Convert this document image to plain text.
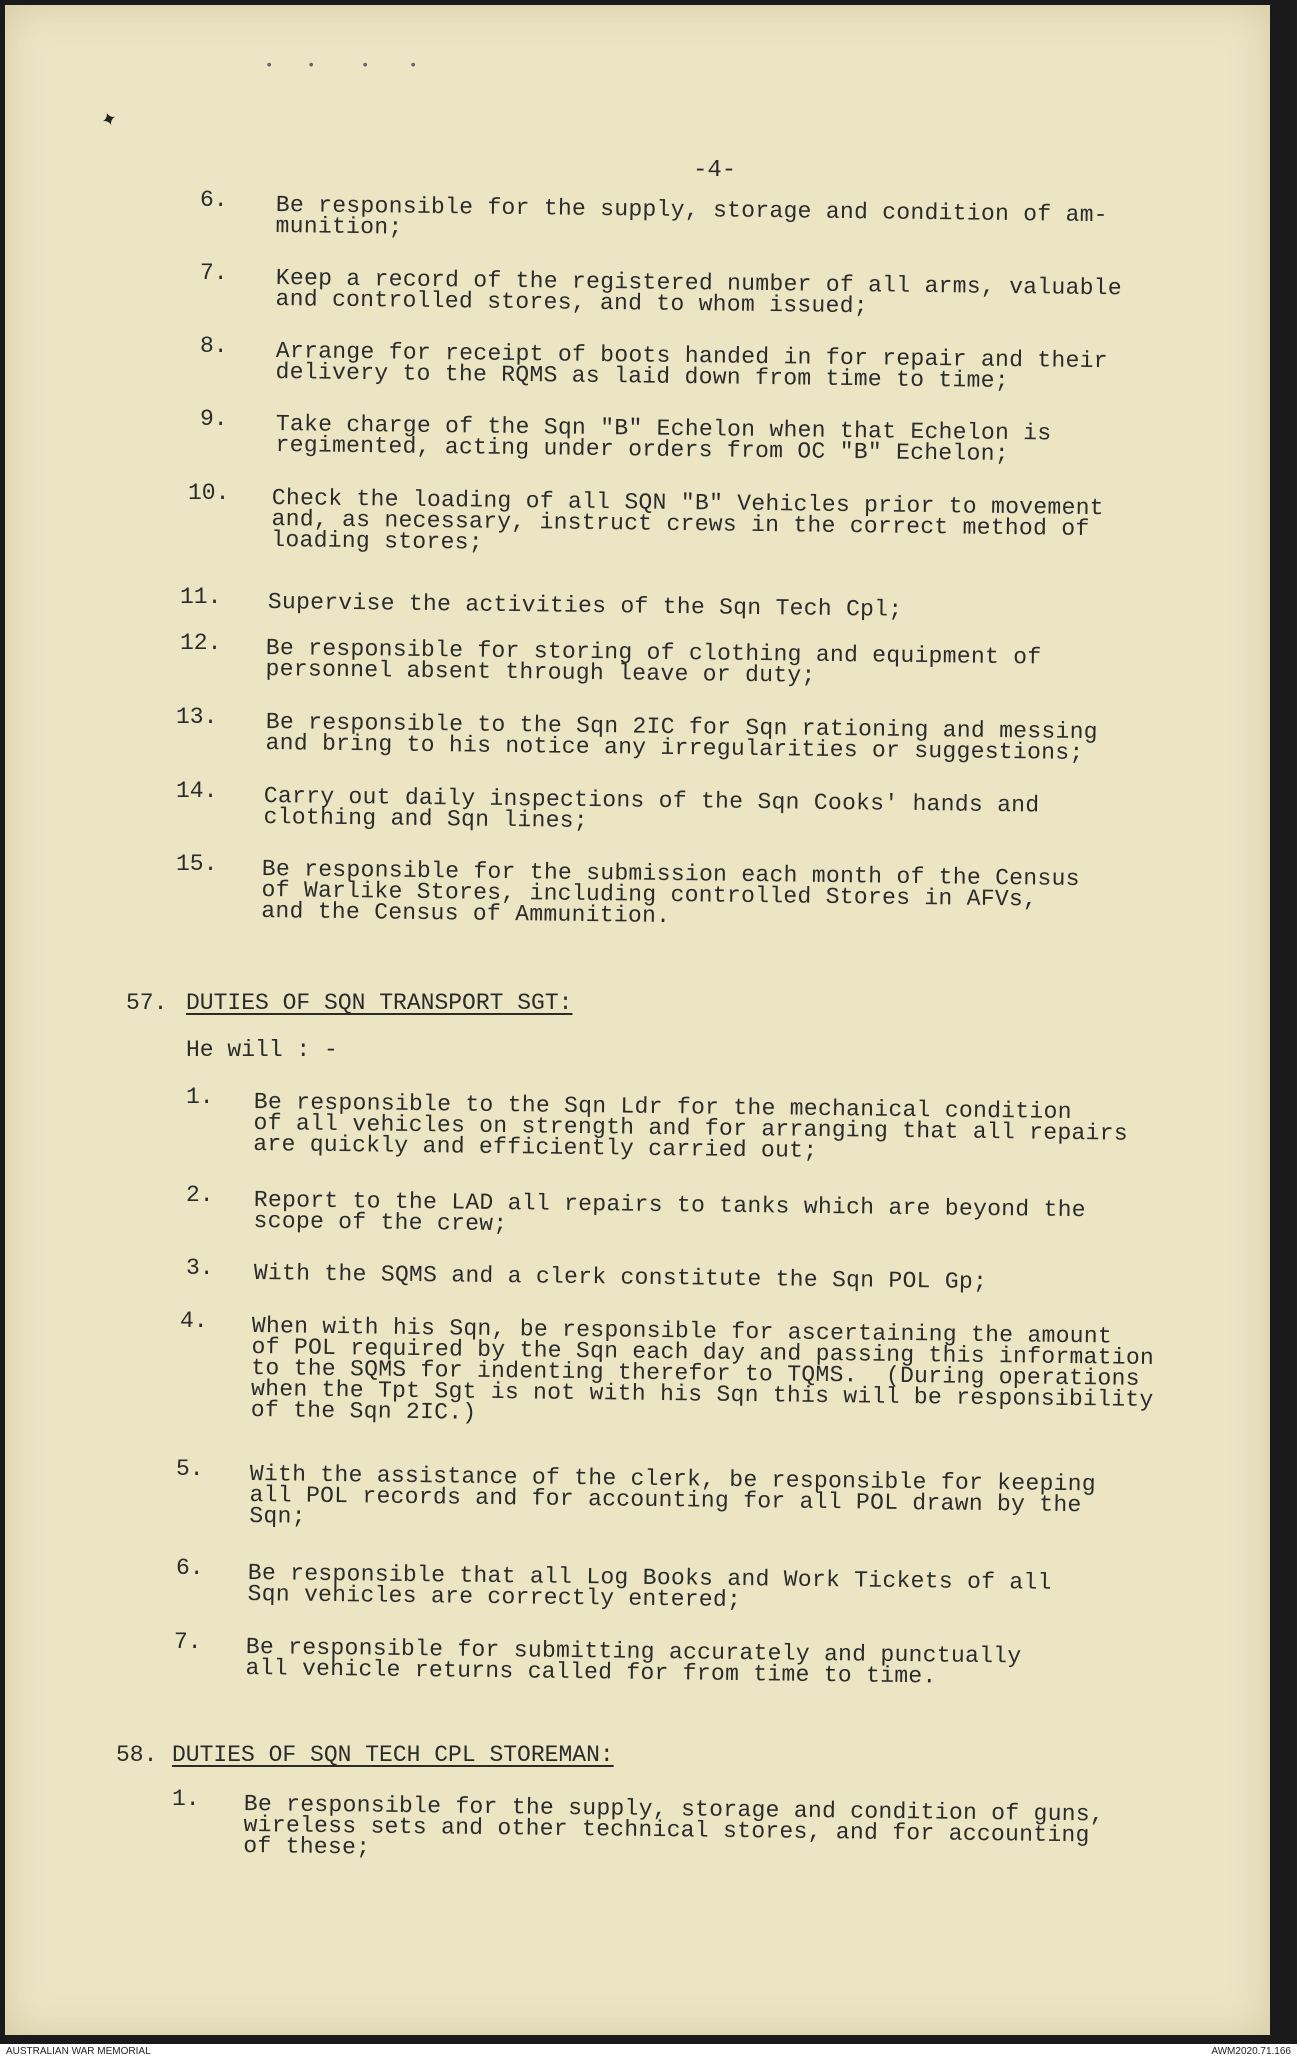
• •	•	•
✦
-4-
6. Be responsible for the supply, storage and condition of am-
munition;
7. Keep a record of the registered number of all arms, valuable
and controlled stores, and to whom issued;
8. Arrange for receipt of boots handed in for repair and their
delivery to the RQMS as laid down from time to time;
9. Take charge of the Sqn "B" Echelon when that Echelon is
regimented, acting under orders from OC "B" Echelon;
10. Check the loading of all SQN "B" Vehicles prior to movement
and, as necessary, instruct crews in the correct method of
loading stores;
11. Supervise the activities of the Sqn Tech Cpl;
12. Be responsible for storing of clothing and equipment of
personnel absent through leave or duty;
13. Be responsible to the Sqn 2IC for Sqn rationing and messing
and bring to his notice any irregularities or suggestions;
14. Carry out daily inspections of the Sqn Cooks' hands and
clothing and Sqn lines;
15. Be responsible for the submission each month of the Census
of Warlike Stores, including controlled Stores in AFVs,
and the Census of Ammunition.
57. DUTIES OF SQN TRANSPORT SGT:
He will : -
1. Be responsible to the Sqn Ldr for the mechanical condition
of all vehicles on strength and for arranging that all repairs
are quickly and efficiently carried out;
2. Report to the LAD all repairs to tanks which are beyond the
scope of the crew;
3. With the SQMS and a clerk constitute the Sqn POL Gp;
4. When with his Sqn, be responsible for ascertaining the amount
of POL required by the Sqn each day and passing this information
to the SQMS for indenting therefor to TQMS.  (During operations
when the Tpt Sgt is not with his Sqn this will be responsibility
of the Sqn 2IC.)
5. With the assistance of the clerk, be responsible for keeping
all POL records and for accounting for all POL drawn by the
Sqn;
6. Be responsible that all Log Books and Work Tickets of all
Sqn vehicles are correctly entered;
7. Be responsible for submitting accurately and punctually
all vehicle returns called for from time to time.
58. DUTIES OF SQN TECH CPL STOREMAN:
1. Be responsible for the supply, storage and condition of guns,
wireless sets and other technical stores, and for accounting
of these;
AUSTRALIAN WAR MEMORIAL	AWM2020.71.166
